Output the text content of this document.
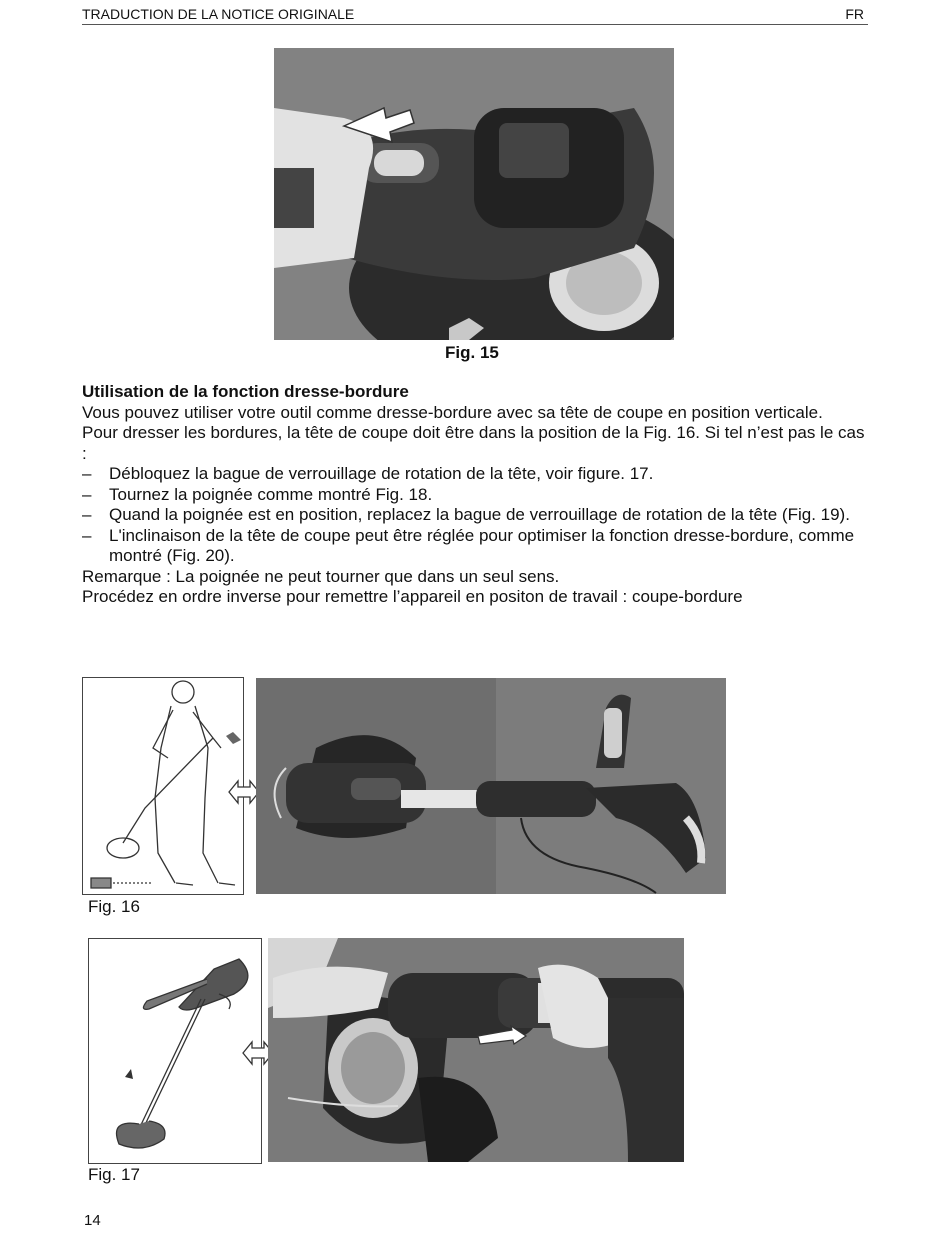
TRADUCTION DE LA NOTICE ORIGINALE	FR
Fig. 15

Utilisation de la fonction dresse-bordure

Vous pouvez utiliser votre outil comme dresse-bordure avec sa tête de coupe en position verticale.

Pour dresser les bordures, la tête de coupe doit être dans la position de la Fig. 16. Si tel n’est pas le cas :

– Débloquez la bague de verrouillage de rotation de la tête, voir figure. 17.
– Tournez la poignée comme montré Fig. 18.
– Quand la poignée est en position, replacez la bague de verrouillage de rotation de la tête (Fig. 19).
– L'inclinaison de la tête de coupe peut être réglée pour optimiser la fonction dresse-bordure, comme montré (Fig. 20).

Remarque : La poignée ne peut tourner que dans un seul sens.

Procédez en ordre inverse pour remettre l’appareil en positon de travail : coupe-bordure

Fig. 16
Fig. 17
14
